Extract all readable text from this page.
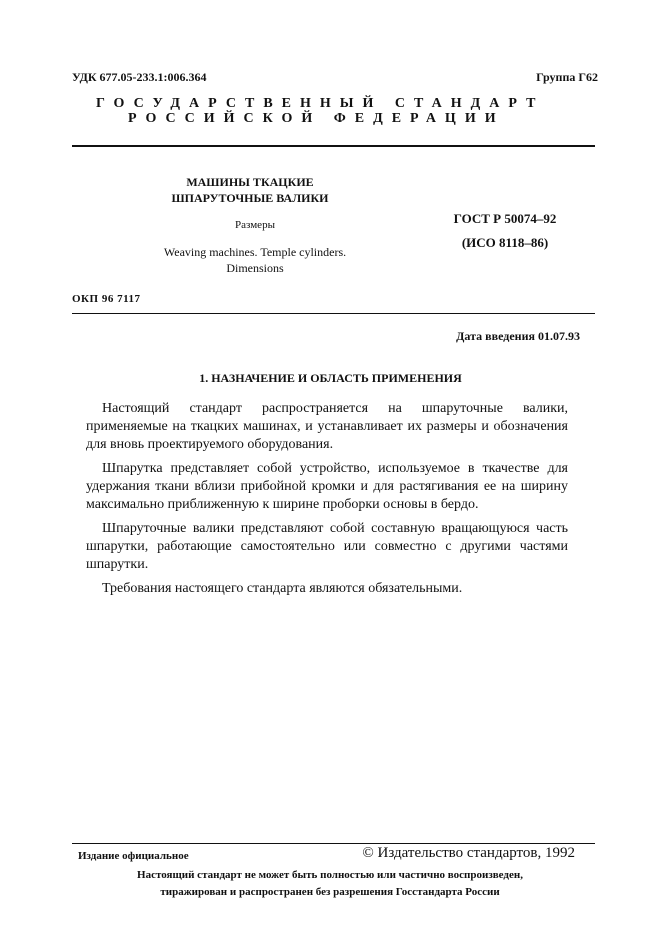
УДК 677.05-233.1:006.364	Группа Г62
ГОСУДАРСТВЕННЫЙ СТАНДАРТ
РОССИЙСКОЙ ФЕДЕРАЦИИ
МАШИНЫ ТКАЦКИЕ
ШПАРУТОЧНЫЕ ВАЛИКИ
Размеры
Weaving machines. Temple cylinders.
Dimensions
ГОСТ Р 50074–92
(ИСО 8118–86)
ОКП 96 7117
Дата введения 01.07.93
1. НАЗНАЧЕНИЕ И ОБЛАСТЬ ПРИМЕНЕНИЯ

Настоящий стандарт распространяется на шпаруточные валики, применяемые на ткацких машинах, и устанавливает их размеры и обозначения для вновь проектируемого оборудования.

Шпарутка представляет собой устройство, используемое в ткачестве для удержания ткани вблизи прибойной кромки и для растягивания ее на ширину максимально приближенную к ширине проборки основы в бердо.

Шпаруточные валики представляют собой составную вращающуюся часть шпарутки, работающие самостоятельно или совместно с другими частями шпарутки.

Требования настоящего стандарта являются обязательными.

Издание официальное	© Издательство стандартов, 1992
Настоящий стандарт не может быть полностью или частично воспроизведен,
тиражирован и распространен без разрешения Госстандарта России
